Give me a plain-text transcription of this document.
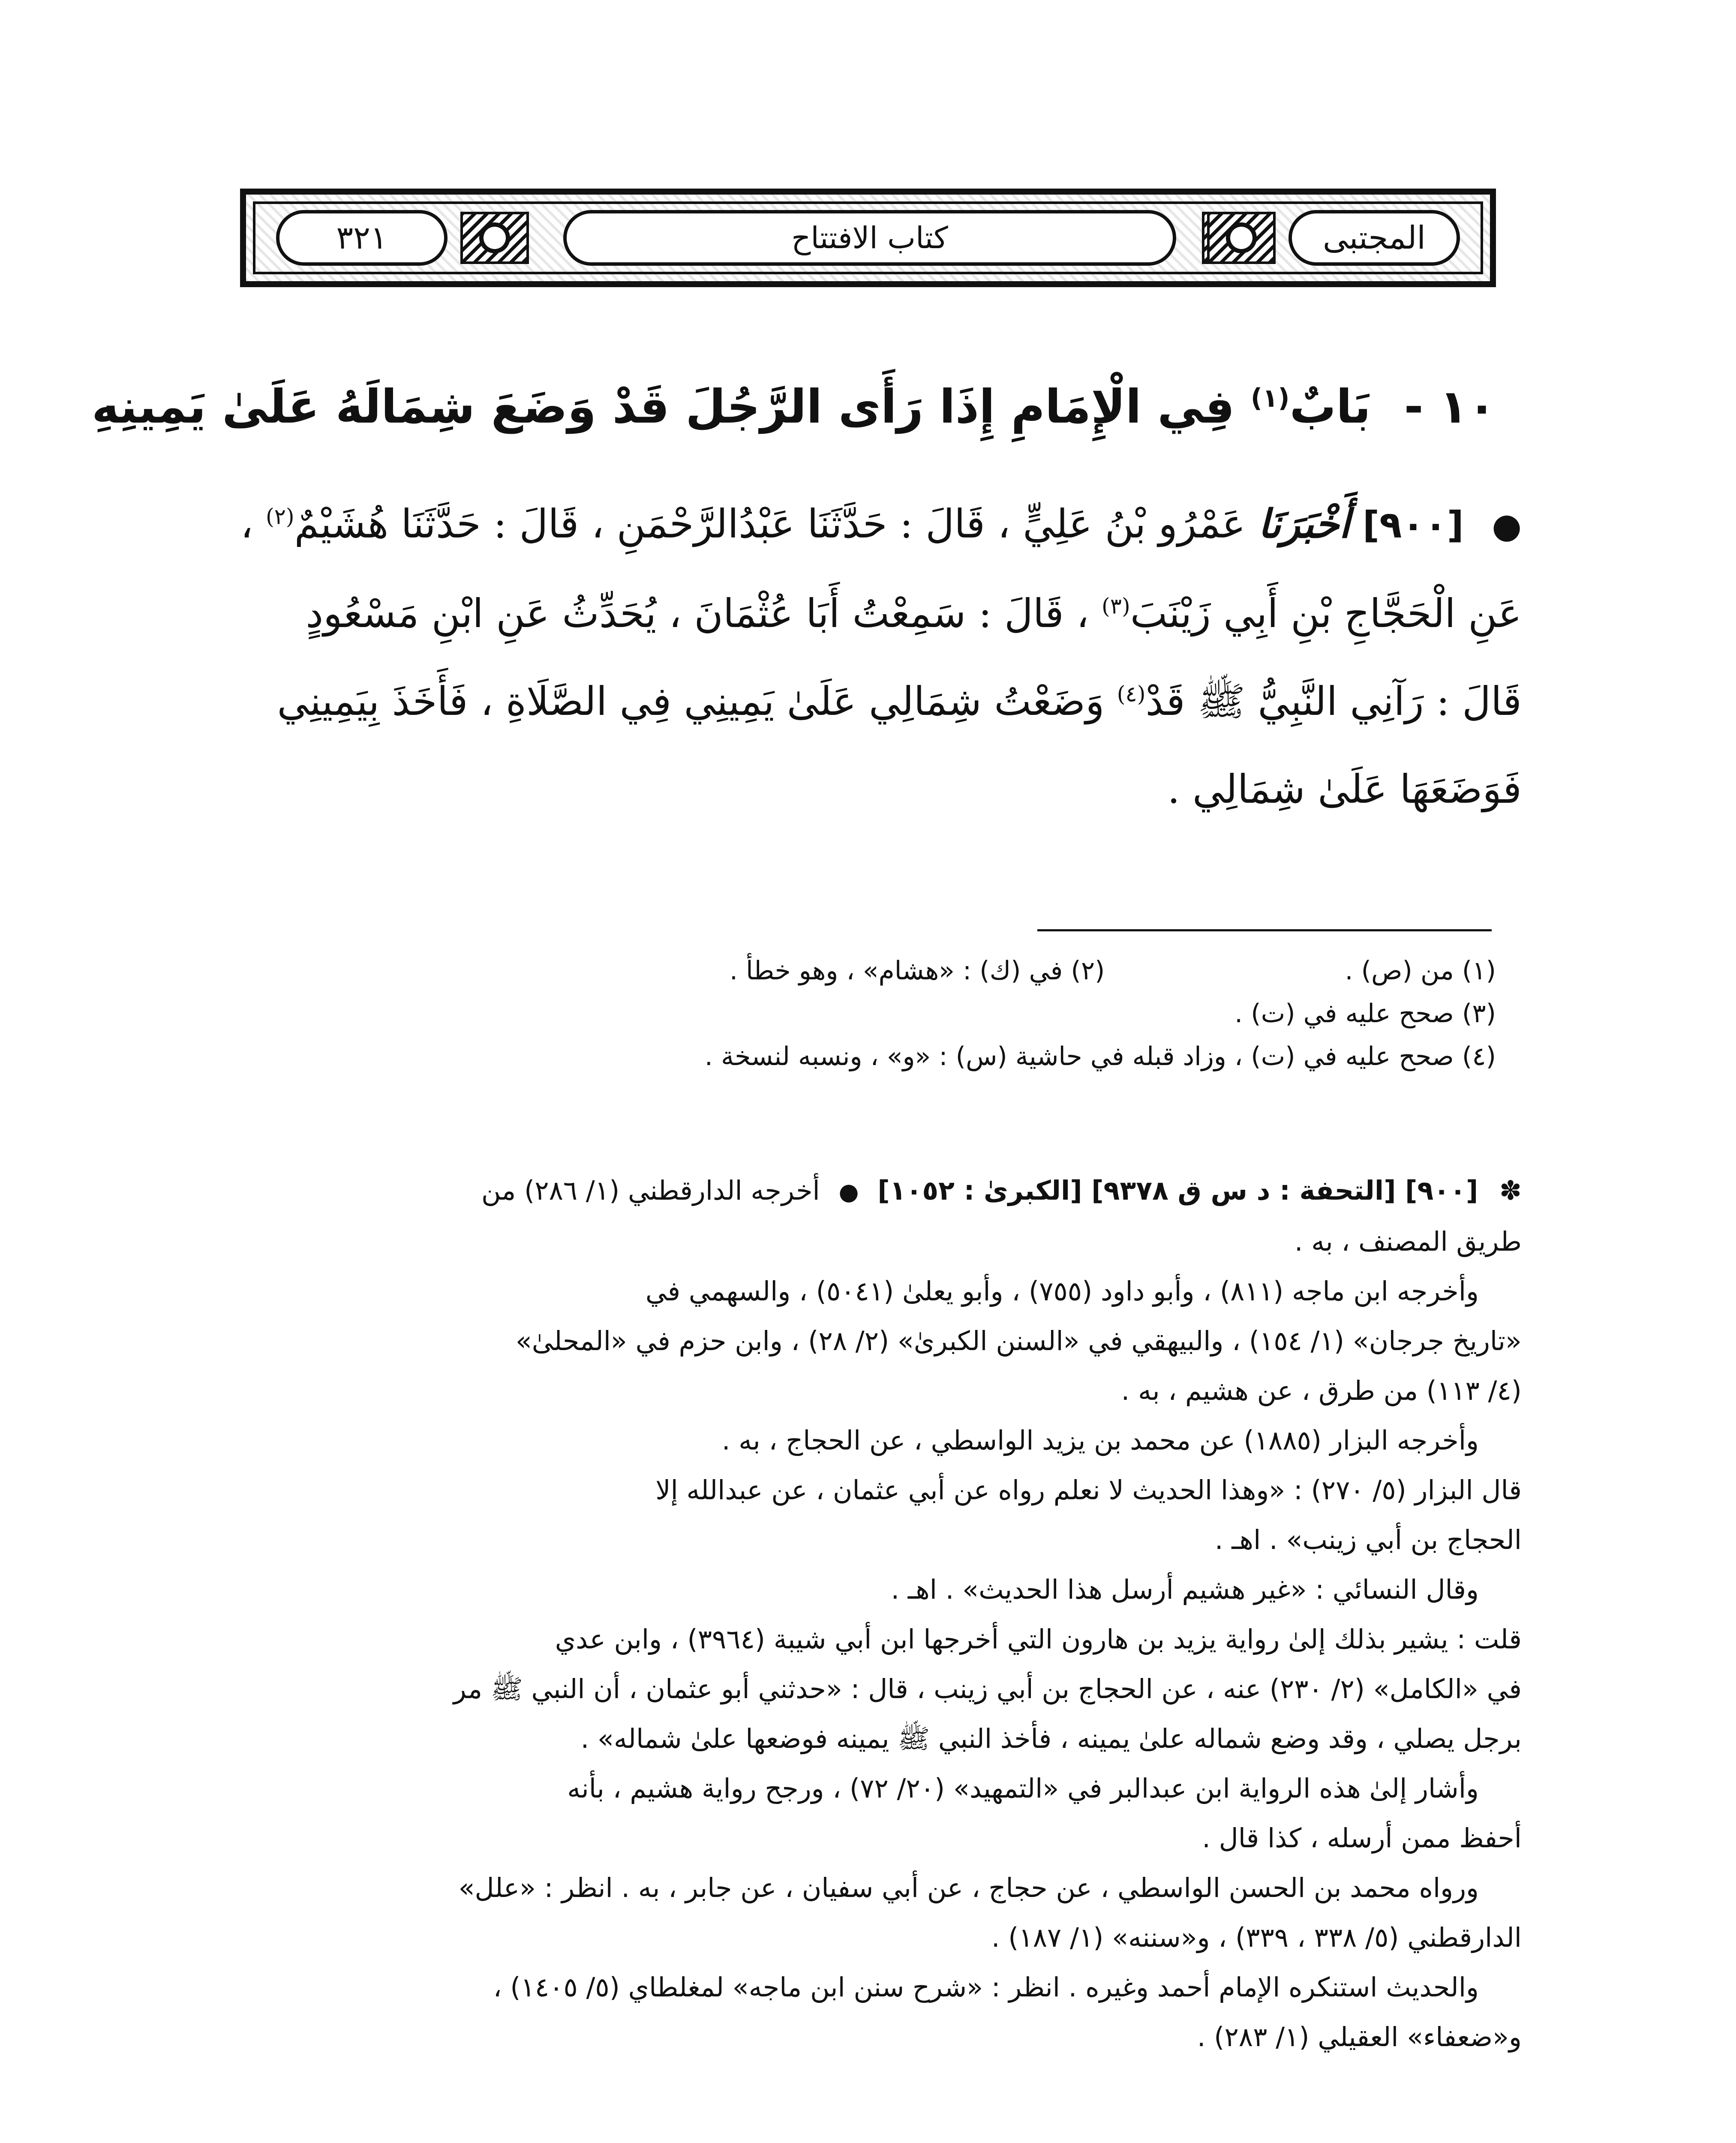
٣٢١	كتاب الافتتاح	المجتبى
١٠ - بَابٌ$^{(١)}$ فِي الْإِمَامِ إِذَا رَأَى الرَّجُلَ قَدْ وَضَعَ شِمَالَهُ عَلَىٰ يَمِينِهِ
● [٩٠٠] أَخْبَرَنَا عَمْرُو بْنُ عَلِيٍّ ، قَالَ : حَدَّثَنَا عَبْدُالرَّحْمَنِ ، قَالَ : حَدَّثَنَا هُشَيْمٌ$^{(٢)}$ ،
عَنِ الْحَجَّاجِ بْنِ أَبِي زَيْنَبَ$^{(٣)}$ ، قَالَ : سَمِعْتُ أَبَا عُثْمَانَ ، يُحَدِّثُ عَنِ ابْنِ مَسْعُودٍ
قَالَ : رَآنِي النَّبِيُّ ﷺ قَدْ$^{(٤)}$ وَضَعْتُ شِمَالِي عَلَىٰ يَمِينِي فِي الصَّلَاةِ ، فَأَخَذَ بِيَمِينِي
فَوَضَعَهَا عَلَىٰ شِمَالِي .
(١) من (ص) .
(٢) في (ك) : «هشام» ، وهو خطأ .
(٣) صحح عليه في (ت) .
(٤) صحح عليه في (ت) ، وزاد قبله في حاشية (س) : «و» ، ونسبه لنسخة .
✽ [٩٠٠] [التحفة : د س ق ٩٣٧٨] [الكبرىٰ : ١٠٥٢] ● أخرجه الدارقطني (١/ ٢٨٦) من
طريق المصنف ، به .
وأخرجه ابن ماجه (٨١١) ، وأبو داود (٧٥٥) ، وأبو يعلىٰ (٥٠٤١) ، والسهمي في
«تاريخ جرجان» (١/ ١٥٤) ، والبيهقي في «السنن الكبرىٰ» (٢/ ٢٨) ، وابن حزم في «المحلىٰ»
(٤/ ١١٣) من طرق ، عن هشيم ، به .
وأخرجه البزار (١٨٨٥) عن محمد بن يزيد الواسطي ، عن الحجاج ، به .
قال البزار (٥/ ٢٧٠) : «وهذا الحديث لا نعلم رواه عن أبي عثمان ، عن عبدالله إلا
الحجاج بن أبي زينب» . اهـ .
وقال النسائي : «غير هشيم أرسل هذا الحديث» . اهـ .
قلت : يشير بذلك إلىٰ رواية يزيد بن هارون التي أخرجها ابن أبي شيبة (٣٩٦٤) ، وابن عدي
في «الكامل» (٢/ ٢٣٠) عنه ، عن الحجاج بن أبي زينب ، قال : «حدثني أبو عثمان ، أن النبي ﷺ مر
برجل يصلي ، وقد وضع شماله علىٰ يمينه ، فأخذ النبي ﷺ يمينه فوضعها علىٰ شماله» .
وأشار إلىٰ هذه الرواية ابن عبدالبر في «التمهيد» (٢٠/ ٧٢) ، ورجح رواية هشيم ، بأنه
أحفظ ممن أرسله ، كذا قال .
ورواه محمد بن الحسن الواسطي ، عن حجاج ، عن أبي سفيان ، عن جابر ، به . انظر : «علل»
الدارقطني (٥/ ٣٣٨ ، ٣٣٩) ، و«سننه» (١/ ١٨٧) .
والحديث استنكره الإمام أحمد وغيره . انظر : «شرح سنن ابن ماجه» لمغلطاي (٥/ ١٤٠٥) ،
و«ضعفاء» العقيلي (١/ ٢٨٣) .
